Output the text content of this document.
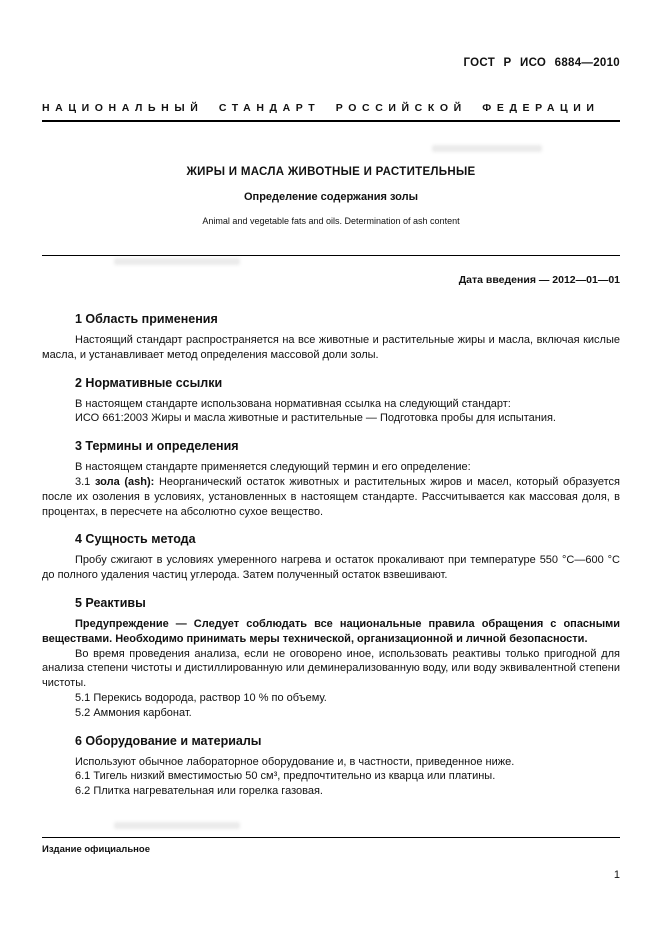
ГОСТ Р ИСО 6884—2010
НАЦИОНАЛЬНЫЙ СТАНДАРТ РОССИЙСКОЙ ФЕДЕРАЦИИ
ЖИРЫ И МАСЛА ЖИВОТНЫЕ И РАСТИТЕЛЬНЫЕ
Определение содержания золы
Animal and vegetable fats and oils. Determination of ash content
Дата введения — 2012—01—01
1 Область применения

Настоящий стандарт распространяется на все животные и растительные жиры и масла, включая кислые масла, и устанавливает метод определения массовой доли золы.

2 Нормативные ссылки

В настоящем стандарте использована нормативная ссылка на следующий стандарт:

ИСО 661:2003 Жиры и масла животные и растительные — Подготовка пробы для испытания.

3 Термины и определения

В настоящем стандарте применяется следующий термин и его определение:

3.1 зола (ash): Неорганический остаток животных и растительных жиров и масел, который образуется после их озоления в условиях, установленных в настоящем стандарте. Рассчитывается как массовая доля, в процентах, в пересчете на абсолютно сухое вещество.

4 Сущность метода

Пробу сжигают в условиях умеренного нагрева и остаток прокаливают при температуре 550 °С—600 °С до полного удаления частиц углерода. Затем полученный остаток взвешивают.

5 Реактивы

Предупреждение — Следует соблюдать все национальные правила обращения с опасными веществами. Необходимо принимать меры технической, организационной и личной безопасности.

Во время проведения анализа, если не оговорено иное, использовать реактивы только пригодной для анализа степени чистоты и дистиллированную или деминерализованную воду, или воду эквивалентной степени чистоты.

5.1 Перекись водорода, раствор 10 % по объему.

5.2 Аммония карбонат.

6 Оборудование и материалы

Используют обычное лабораторное оборудование и, в частности, приведенное ниже.

6.1 Тигель низкий вместимостью 50 см³, предпочтительно из кварца или платины.

6.2 Плитка нагревательная или горелка газовая.

Издание официальное
1
